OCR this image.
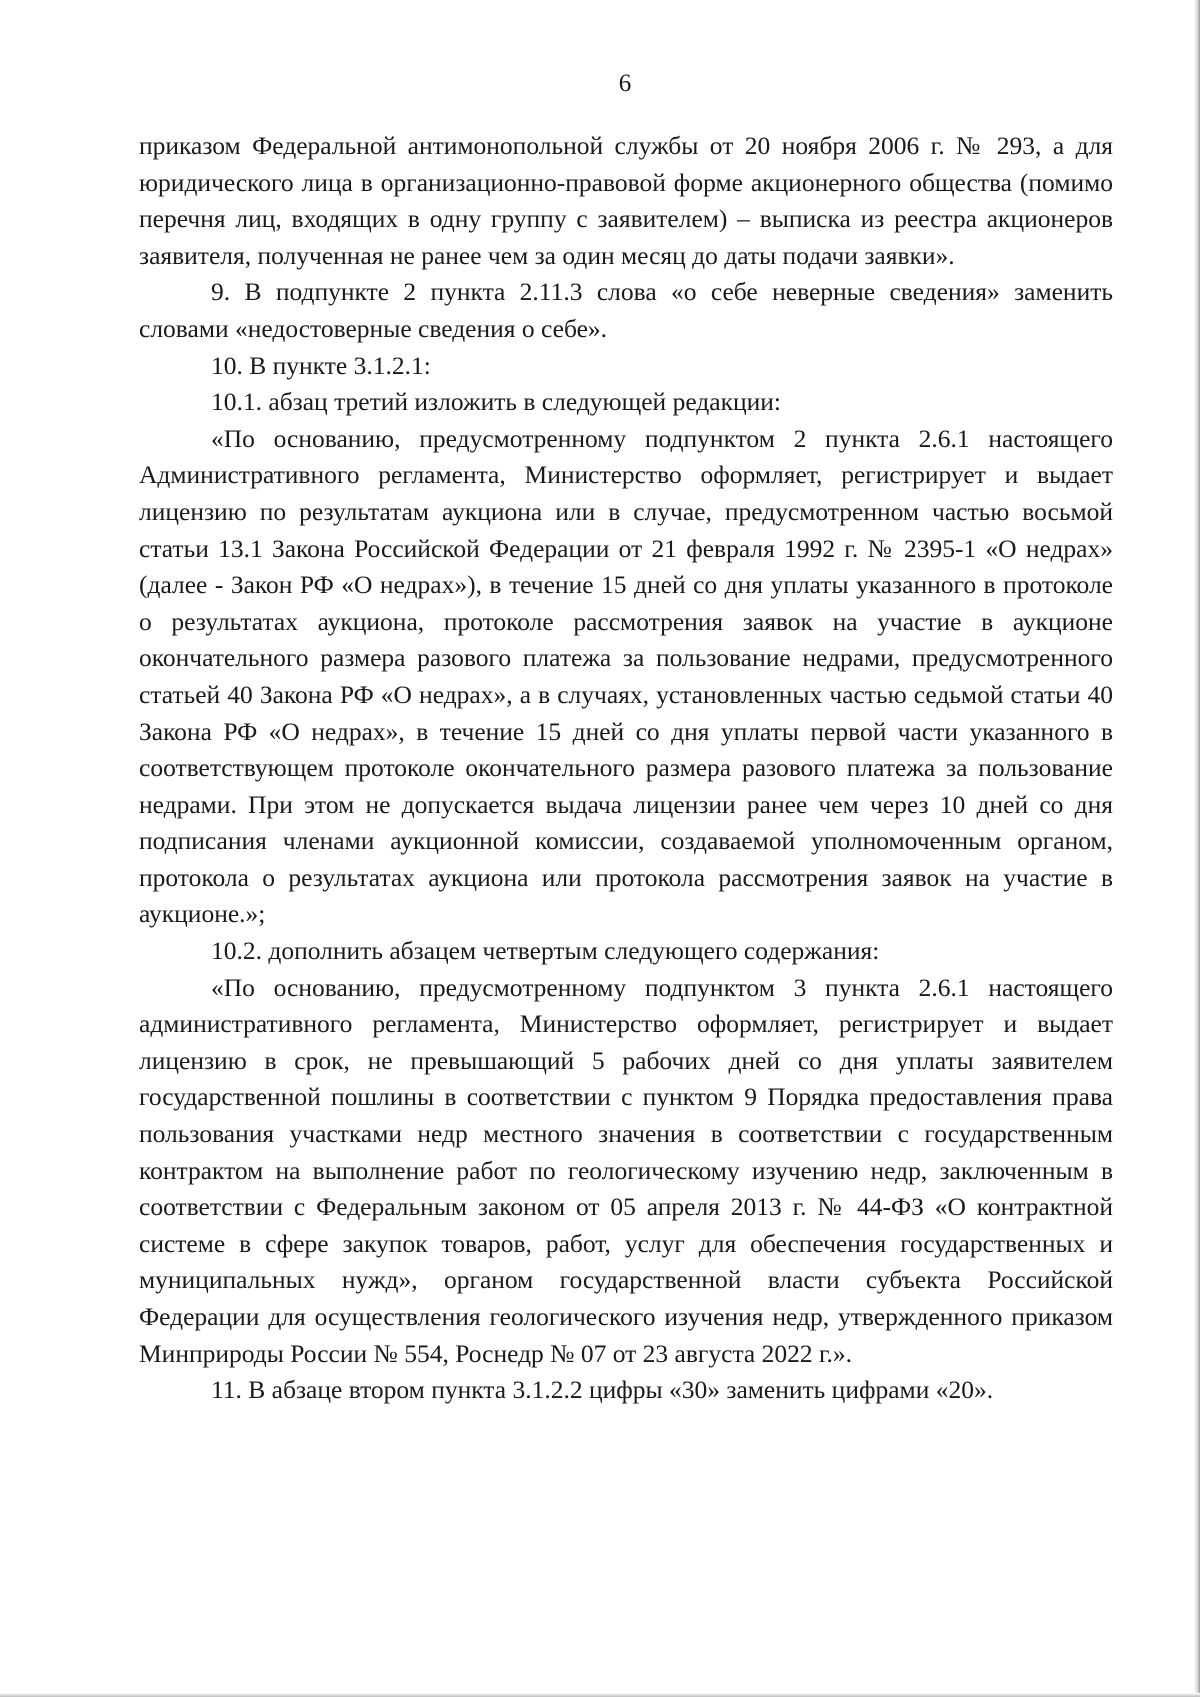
6

приказом Федеральной антимонопольной службы от 20 ноября 2006 г. № 293, а для юридического лица в организационно-правовой форме акционерного общества (помимо перечня лиц, входящих в одну группу с заявителем) – выписка из реестра акционеров заявителя, полученная не ранее чем за один месяц до даты подачи заявки».

9. В подпункте 2 пункта 2.11.3 слова «о себе неверные сведения» заменить словами «недостоверные сведения о себе».

10. В пункте 3.1.2.1:

10.1. абзац третий изложить в следующей редакции:

«По основанию, предусмотренному подпунктом 2 пункта 2.6.1 настоящего Административного регламента, Министерство оформляет, регистрирует и выдает лицензию по результатам аукциона или в случае, предусмотренном частью восьмой статьи 13.1 Закона Российской Федерации от 21 февраля 1992 г. № 2395-1 «О недрах» (далее - Закон РФ «О недрах»), в течение 15 дней со дня уплаты указанного в протоколе о результатах аукциона, протоколе рассмотрения заявок на участие в аукционе окончательного размера разового платежа за пользование недрами, предусмотренного статьей 40 Закона РФ «О недрах», а в случаях, установленных частью седьмой статьи 40 Закона РФ «О недрах», в течение 15 дней со дня уплаты первой части указанного в соответствующем протоколе окончательного размера разового платежа за пользование недрами. При этом не допускается выдача лицензии ранее чем через 10 дней со дня подписания членами аукционной комиссии, создаваемой уполномоченным органом, протокола о результатах аукциона или протокола рассмотрения заявок на участие в аукционе.»;

10.2. дополнить абзацем четвертым следующего содержания:

«По основанию, предусмотренному подпунктом 3 пункта 2.6.1 настоящего административного регламента, Министерство оформляет, регистрирует и выдает лицензию в срок, не превышающий 5 рабочих дней со дня уплаты заявителем государственной пошлины в соответствии с пунктом 9 Порядка предоставления права пользования участками недр местного значения в соответствии с государственным контрактом на выполнение работ по геологическому изучению недр, заключенным в соответствии с Федеральным законом от 05 апреля 2013 г. № 44-ФЗ «О контрактной системе в сфере закупок товаров, работ, услуг для обеспечения государственных и муниципальных нужд», органом государственной власти субъекта Российской Федерации для осуществления геологического изучения недр, утвержденного приказом Минприроды России № 554, Роснедр № 07 от 23 августа 2022 г.».

11. В абзаце втором пункта 3.1.2.2 цифры «30» заменить цифрами «20».
